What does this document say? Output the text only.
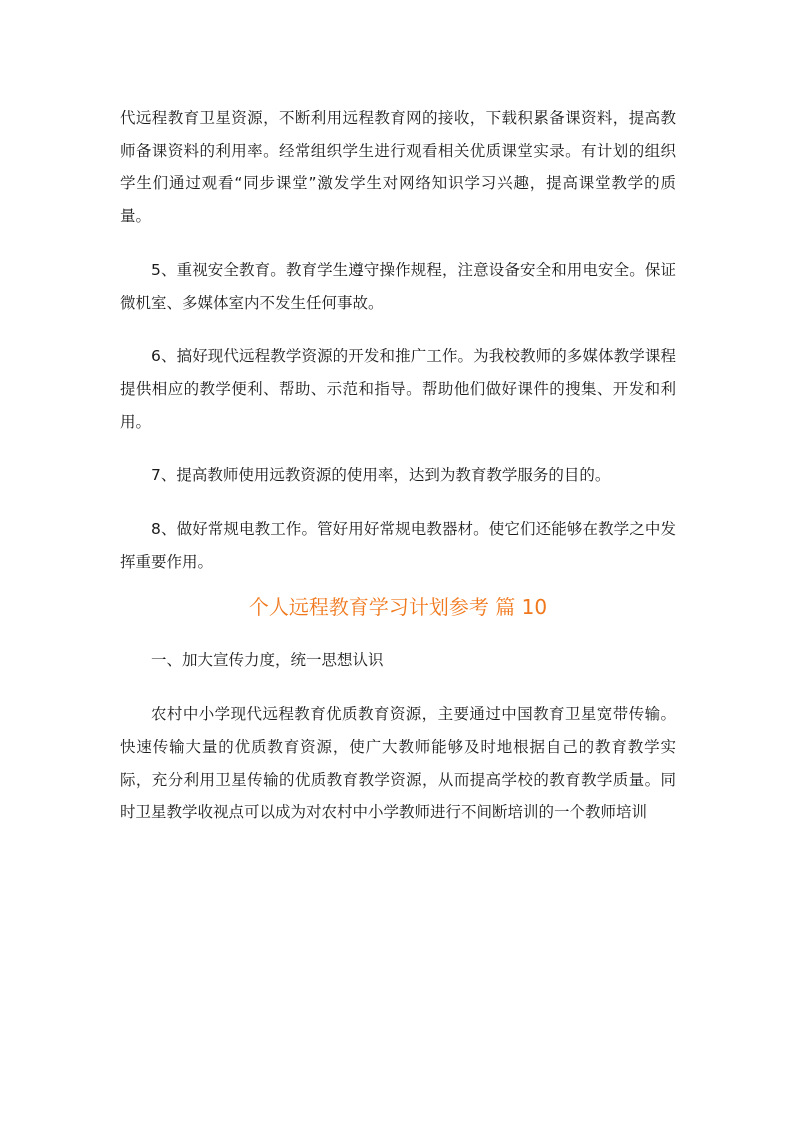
代远程教育卫星资源，不断利用远程教育网的接收，下载积累备课资料，提高教师备课资料的利用率。经常组织学生进行观看相关优质课堂实录。有计划的组织学生们通过观看“同步课堂”激发学生对网络知识学习兴趣，提高课堂教学的质量。

5、重视安全教育。教育学生遵守操作规程，注意设备安全和用电安全。保证微机室、多媒体室内不发生任何事故。

6、搞好现代远程教学资源的开发和推广工作。为我校教师的多媒体教学课程提供相应的教学便利、帮助、示范和指导。帮助他们做好课件的搜集、开发和利用。

7、提高教师使用远教资源的使用率，达到为教育教学服务的目的。

8、做好常规电教工作。管好用好常规电教器材。使它们还能够在教学之中发挥重要作用。

个人远程教育学习计划参考 篇 10

一、加大宣传力度，统一思想认识

农村中小学现代远程教育优质教育资源，主要通过中国教育卫星宽带传输。快速传输大量的优质教育资源，使广大教师能够及时地根据自己的教育教学实际，充分利用卫星传输的优质教育教学资源，从而提高学校的教育教学质量。同时卫星教学收视点可以成为对农村中小学教师进行不间断培训的一个教师培训
